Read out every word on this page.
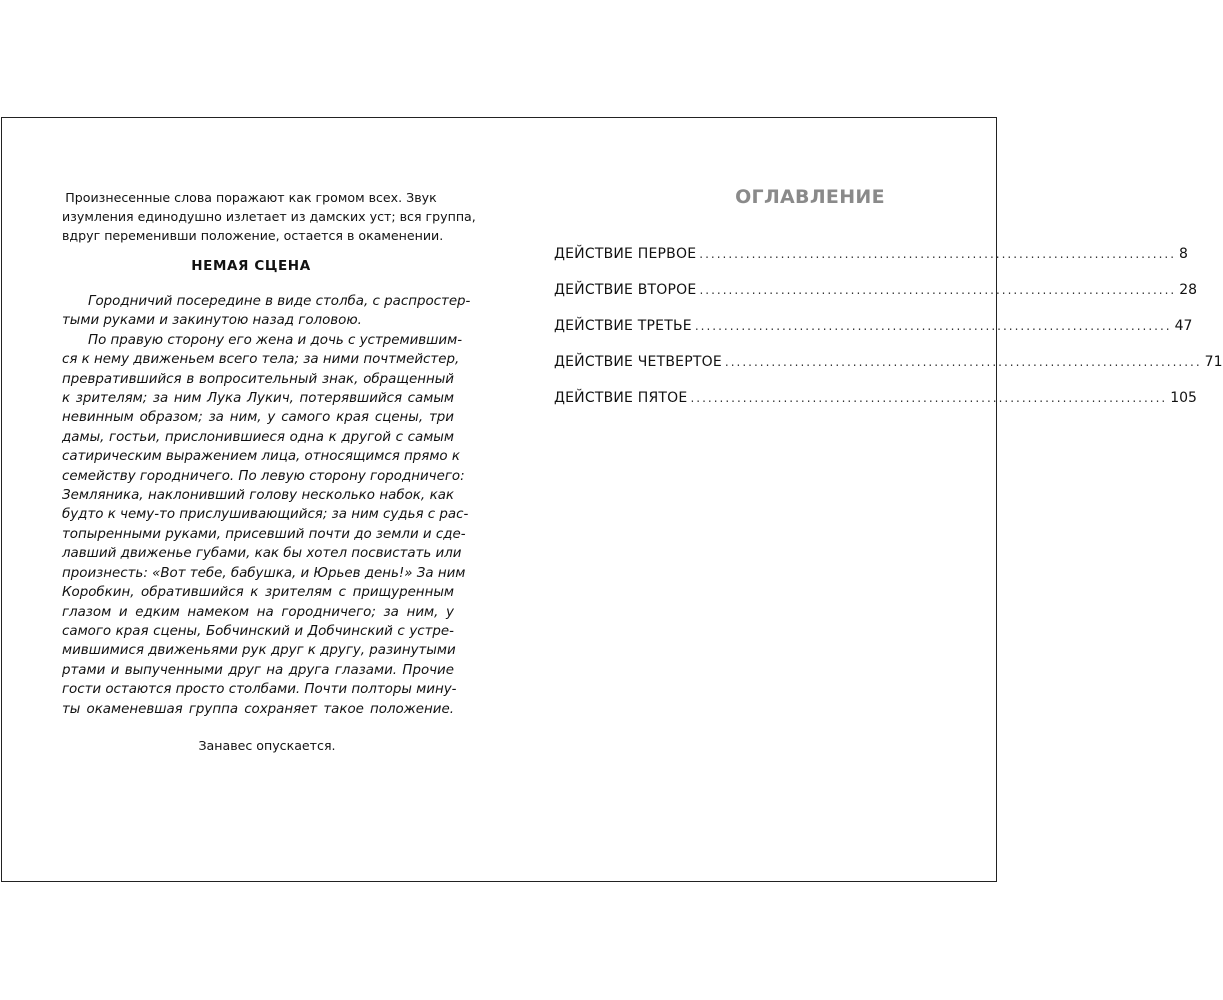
Произнесенные слова поражают как громом всех. Звук
изумления единодушно излетает из дамских уст; вся группа,
вдруг переменивши положение, остается в окаменении.
НЕМАЯ СЦЕНА
Городничий посередине в виде столба, с распростер-
тыми руками и закинутою назад головою.
По правую сторону его жена и дочь с устремившим-
ся к нему движеньем всего тела; за ними почтмейстер,
превратившийся в вопросительный знак, обращенный
к зрителям; за ним Лука Лукич, потерявшийся самым
невинным образом; за ним, у самого края сцены, три
дамы, гостьи, прислонившиеся одна к другой с самым
сатирическим выражением лица, относящимся прямо к
семейству городничего. По левую сторону городничего:
Земляника, наклонивший голову несколько набок, как
будто к чему-то прислушивающийся; за ним судья с рас-
топыренными руками, присевший почти до земли и сде-
лавший движенье губами, как бы хотел посвистать или
произнесть: «Вот тебе, бабушка, и Юрьев день!» За ним
Коробкин, обратившийся к зрителям с прищуренным
глазом и едким намеком на городничего; за ним, у
самого края сцены, Бобчинский и Добчинский с устре-
мившимися движеньями рук друг к другу, разинутыми
ртами и выпученными друг на друга глазами. Прочие
гости остаются просто столбами. Почти полторы мину-
ты окаменевшая группа сохраняет такое положение.
Занавес опускается.
ОГЛАВЛЕНИЕ
ДЕЙСТВИЕ ПЕРВОЕ .................................................................................. 8
ДЕЙСТВИЕ ВТОРОЕ .................................................................................. 28
ДЕЙСТВИЕ ТРЕТЬЕ .................................................................................. 47
ДЕЙСТВИЕ ЧЕТВЕРТОЕ .................................................................................. 71
ДЕЙСТВИЕ ПЯТОЕ .................................................................................. 105
